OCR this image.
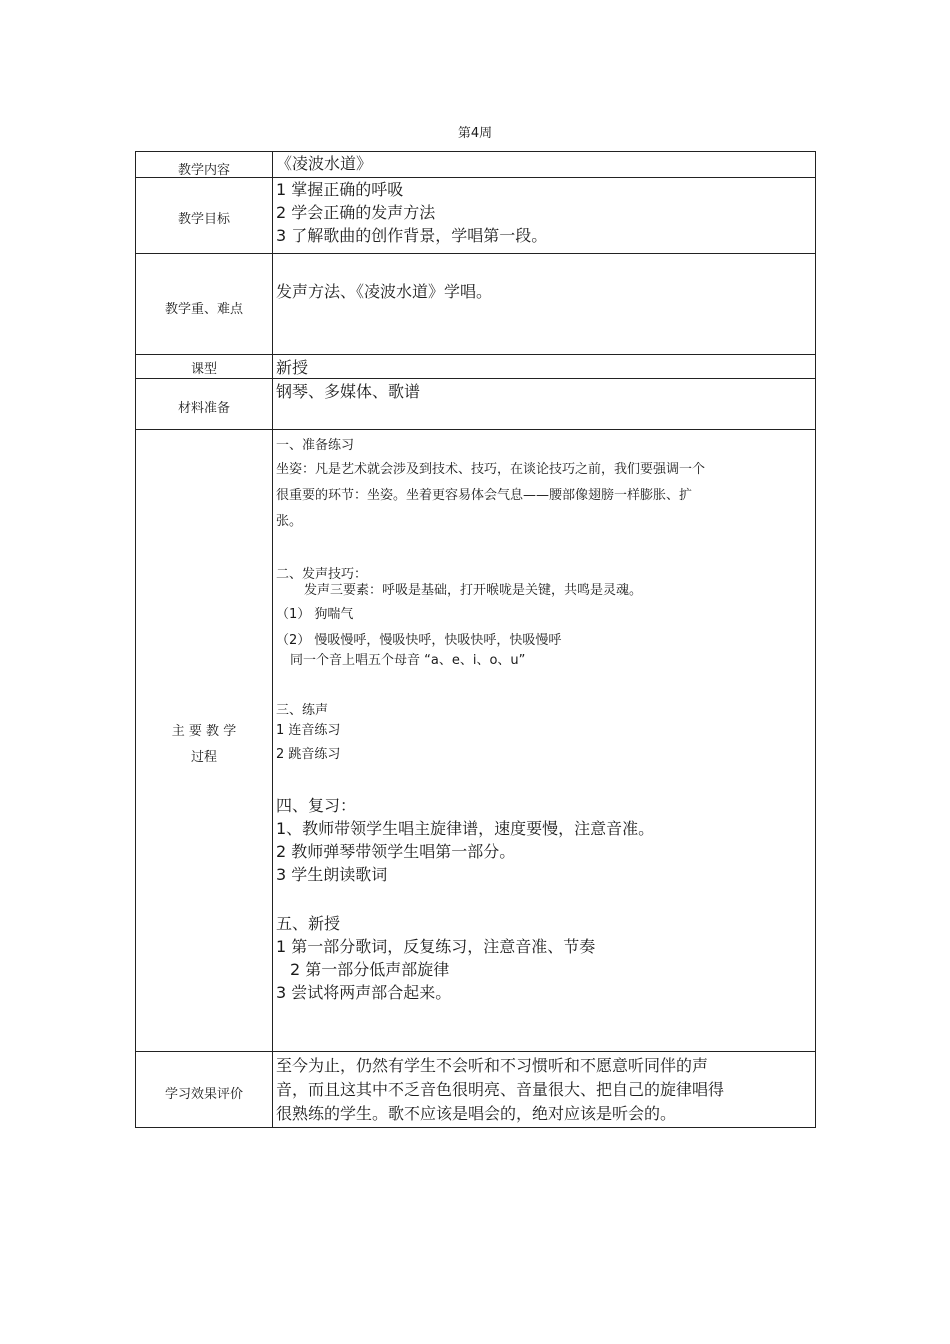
第4周
教学内容	《凌波水道》
教学目标
1 掌握正确的呼吸
2 学会正确的发声方法
3 了解歌曲的创作背景，学唱第一段。
教学重、难点
发声方法、《凌波水道》学唱。
课型	新授
材料准备
钢琴、多媒体、歌谱
主 要 教 学
过程
一、准备练习
坐姿：凡是艺术就会涉及到技术、技巧，在谈论技巧之前，我们要强调一个
很重要的环节：坐姿。坐着更容易体会气息——腰部像翅膀一样膨胀、扩
张。
二、发声技巧：
发声三要素：呼吸是基础，打开喉咙是关键，共鸣是灵魂。
（1） 狗喘气
（2） 慢吸慢呼，慢吸快呼，快吸快呼，快吸慢呼
同一个音上唱五个母音 “a、e、i、o、u”
三、练声
1 连音练习
2 跳音练习
四、复习：
1、教师带领学生唱主旋律谱，速度要慢，注意音准。
2 教师弹琴带领学生唱第一部分。
3 学生朗读歌词
五、新授
1 第一部分歌词，反复练习，注意音准、节奏
2 第一部分低声部旋律
3 尝试将两声部合起来。
学习效果评价
至今为止，仍然有学生不会听和不习惯听和不愿意听同伴的声
音，而且这其中不乏音色很明亮、音量很大、把自己的旋律唱得
很熟练的学生。歌不应该是唱会的，绝对应该是听会的。
